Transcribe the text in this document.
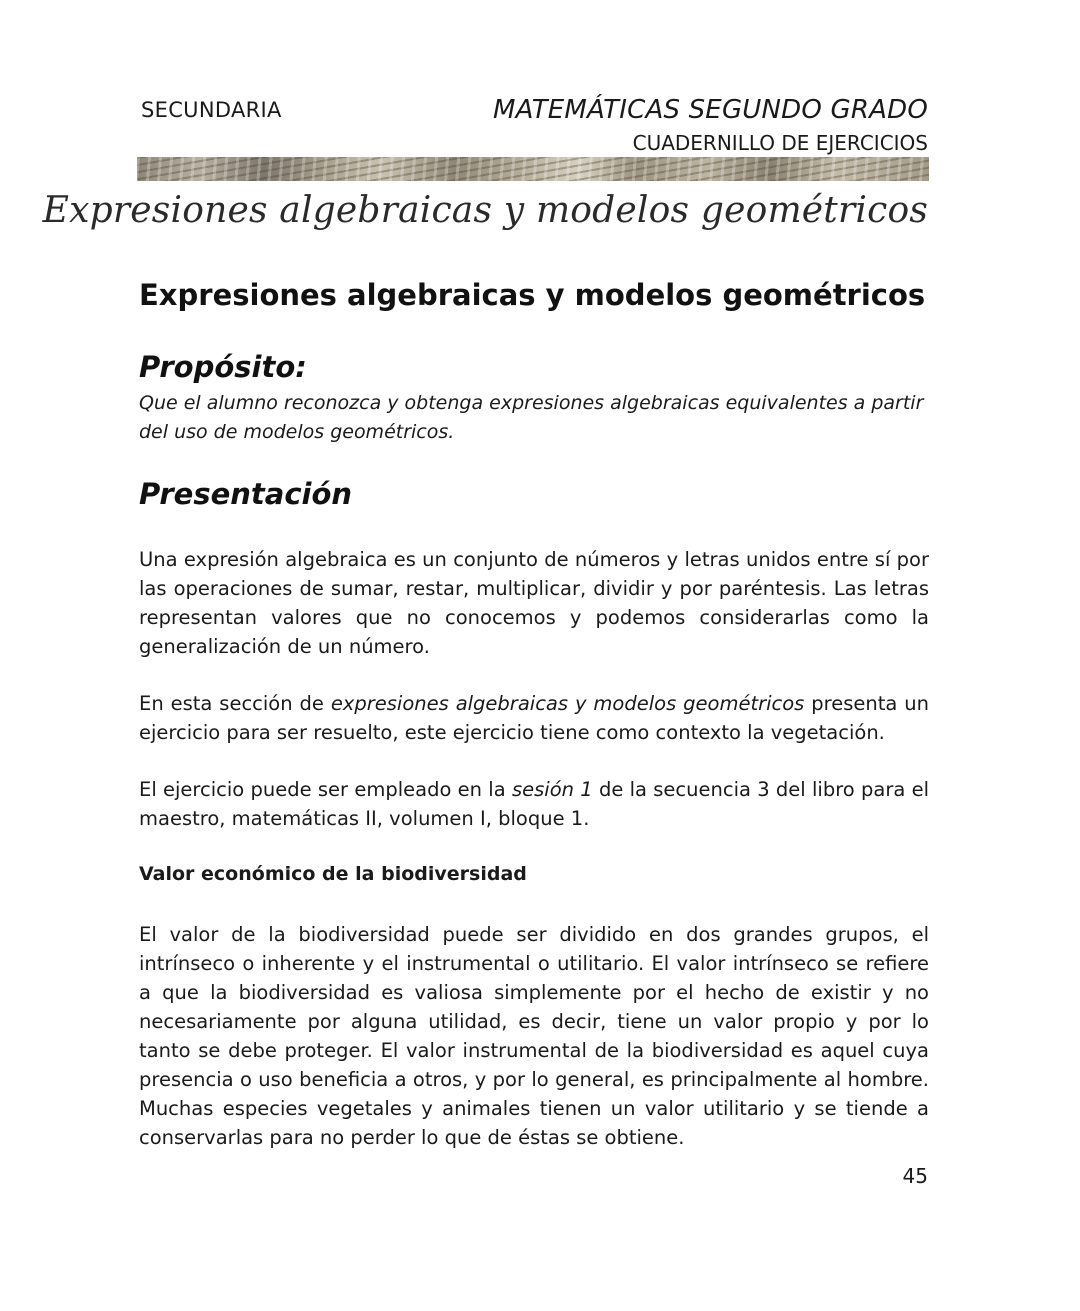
SECUNDARIA	MATEMÁTICAS SEGUNDO GRADO
CUADERNILLO DE EJERCICIOS
Expresiones algebraicas y modelos geométricos
Expresiones algebraicas y modelos geométricos
Propósito:
Que el alumno reconozca y obtenga expresiones algebraicas equivalentes a partir del uso de modelos geométricos.
Presentación
Una expresión algebraica es un conjunto de números y letras unidos entre sí por las operaciones de sumar, restar, multiplicar, dividir y por paréntesis. Las letras representan valores que no conocemos y podemos considerarlas como la generalización de un número.
En esta sección de expresiones algebraicas y modelos geométricos presenta un ejercicio para ser resuelto, este ejercicio tiene como contexto la vegetación.
El ejercicio puede ser empleado en la sesión 1 de la secuencia 3 del libro para el maestro, matemáticas II, volumen I, bloque 1.
Valor económico de la biodiversidad
El valor de la biodiversidad puede ser dividido en dos grandes grupos, el intrínseco o inherente y el instrumental o utilitario. El valor intrínseco se refiere a que la biodiversidad es valiosa simplemente por el hecho de existir y no necesariamente por alguna utilidad, es decir, tiene un valor propio y por lo tanto se debe proteger. El valor instrumental de la biodiversidad es aquel cuya presencia o uso beneficia a otros, y por lo general, es principalmente al hombre. Muchas especies vegetales y animales tienen un valor utilitario y se tiende a conservarlas para no perder lo que de éstas se obtiene.
45
